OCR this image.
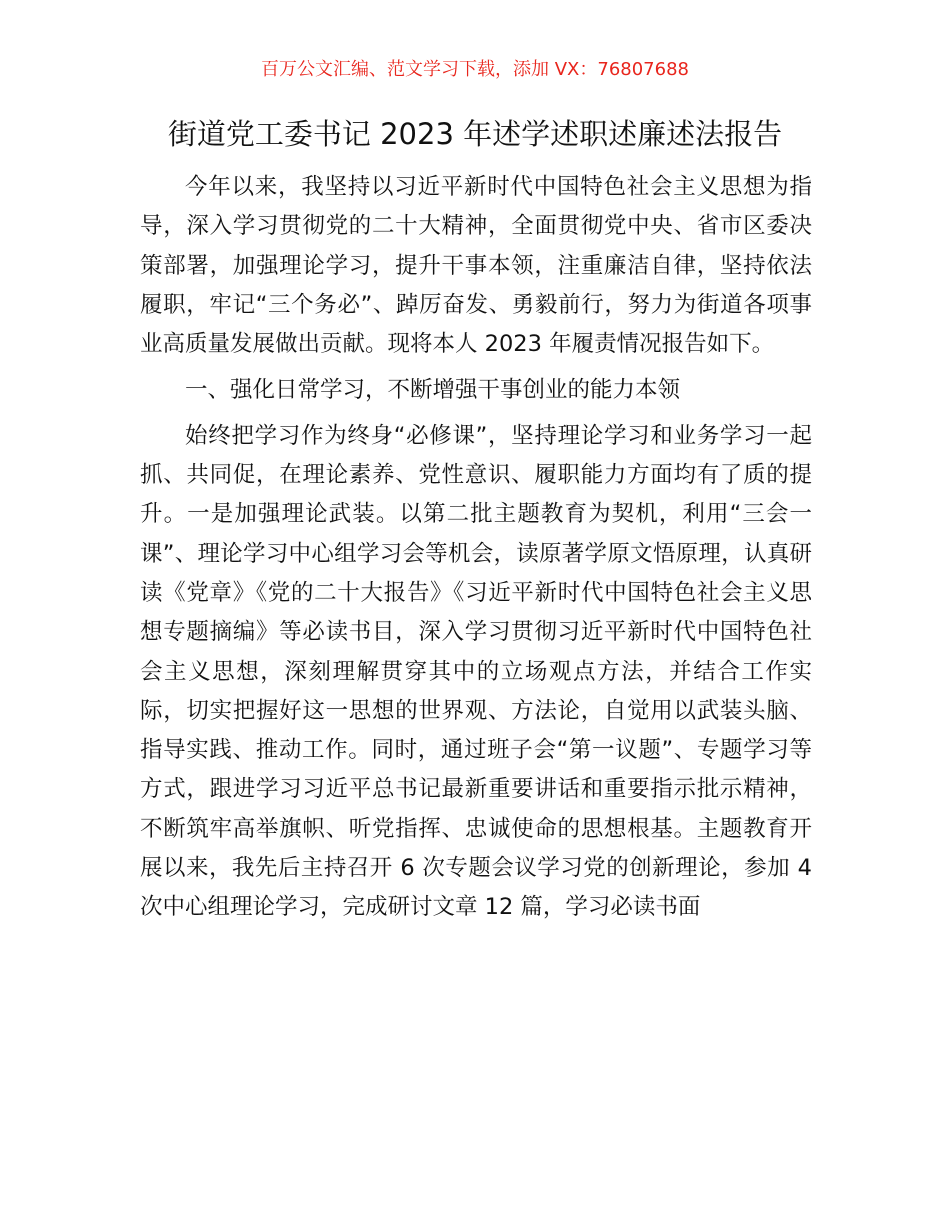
百万公文汇编、范文学习下载，添加 VX：76807688
街道党工委书记 2023 年述学述职述廉述法报告

今年以来，我坚持以习近平新时代中国特色社会主义思想为指导，深入学习贯彻党的二十大精神，全面贯彻党中央、省市区委决策部署，加强理论学习，提升干事本领，注重廉洁自律，坚持依法履职，牢记“三个务必”、踔厉奋发、勇毅前行，努力为街道各项事业高质量发展做出贡献。现将本人 2023 年履责情况报告如下。

一、强化日常学习，不断增强干事创业的能力本领

始终把学习作为终身“必修课”，坚持理论学习和业务学习一起抓、共同促，在理论素养、党性意识、履职能力方面均有了质的提升。一是加强理论武装。以第二批主题教育为契机，利用“三会一课”、理论学习中心组学习会等机会，读原著学原文悟原理，认真研读《党章》《党的二十大报告》《习近平新时代中国特色社会主义思想专题摘编》等必读书目，深入学习贯彻习近平新时代中国特色社会主义思想，深刻理解贯穿其中的立场观点方法，并结合工作实际，切实把握好这一思想的世界观、方法论，自觉用以武装头脑、指导实践、推动工作。同时，通过班子会“第一议题”、专题学习等方式，跟进学习习近平总书记最新重要讲话和重要指示批示精神，不断筑牢高举旗帜、听党指挥、忠诚使命的思想根基。主题教育开展以来，我先后主持召开 6 次专题会议学习党的创新理论，参加 4 次中心组理论学习，完成研讨文章 12 篇，学习必读书面
